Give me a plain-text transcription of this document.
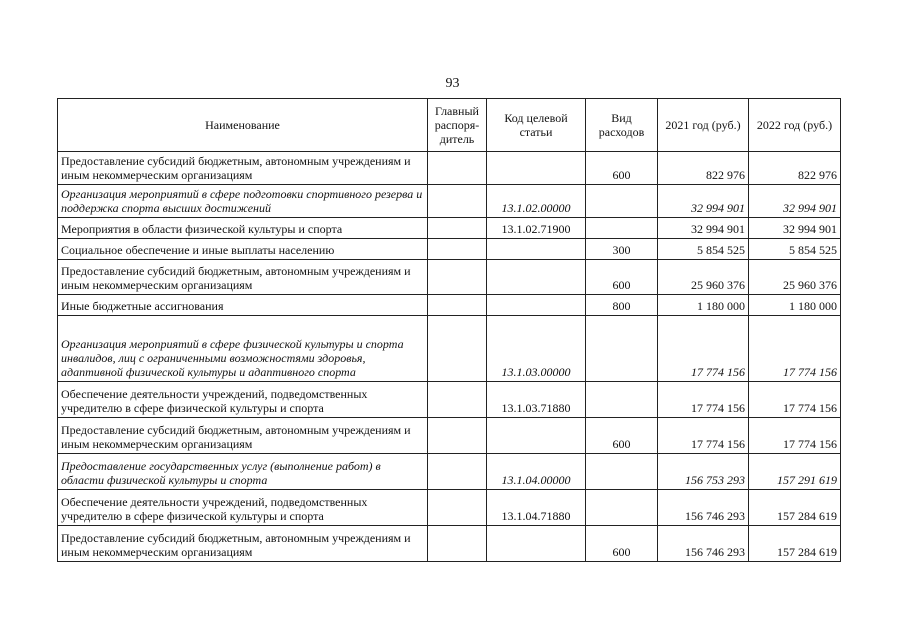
93
Наименование	Главный распоря-дитель	Код целевой статьи	Вид расходов	2021 год (руб.)	2022 год (руб.)
Предоставление субсидий бюджетным, автономным учреждениям и иным некоммерческим организациям			600	822 976	822 976
Организация мероприятий в сфере подготовки спортивного резерва и поддержка спорта высших достижений		13.1.02.00000		32 994 901	32 994 901
Мероприятия в области физической культуры и спорта		13.1.02.71900		32 994 901	32 994 901
Социальное обеспечение и иные выплаты населению			300	5 854 525	5 854 525
Предоставление субсидий бюджетным, автономным учреждениям и иным некоммерческим организациям			600	25 960 376	25 960 376
Иные бюджетные ассигнования			800	1 180 000	1 180 000
Организация мероприятий в сфере физической культуры и спорта инвалидов, лиц с ограниченными возможностями здоровья, адаптивной физической культуры и адаптивного спорта		13.1.03.00000		17 774 156	17 774 156
Обеспечение деятельности учреждений, подведомственных учредителю в сфере физической культуры и спорта		13.1.03.71880		17 774 156	17 774 156
Предоставление субсидий бюджетным, автономным учреждениям и иным некоммерческим организациям			600	17 774 156	17 774 156
Предоставление государственных услуг (выполнение работ) в области физической культуры и спорта		13.1.04.00000		156 753 293	157 291 619
Обеспечение деятельности учреждений, подведомственных учредителю в сфере физической культуры и спорта		13.1.04.71880		156 746 293	157 284 619
Предоставление субсидий бюджетным, автономным учреждениям и иным некоммерческим организациям			600	156 746 293	157 284 619
